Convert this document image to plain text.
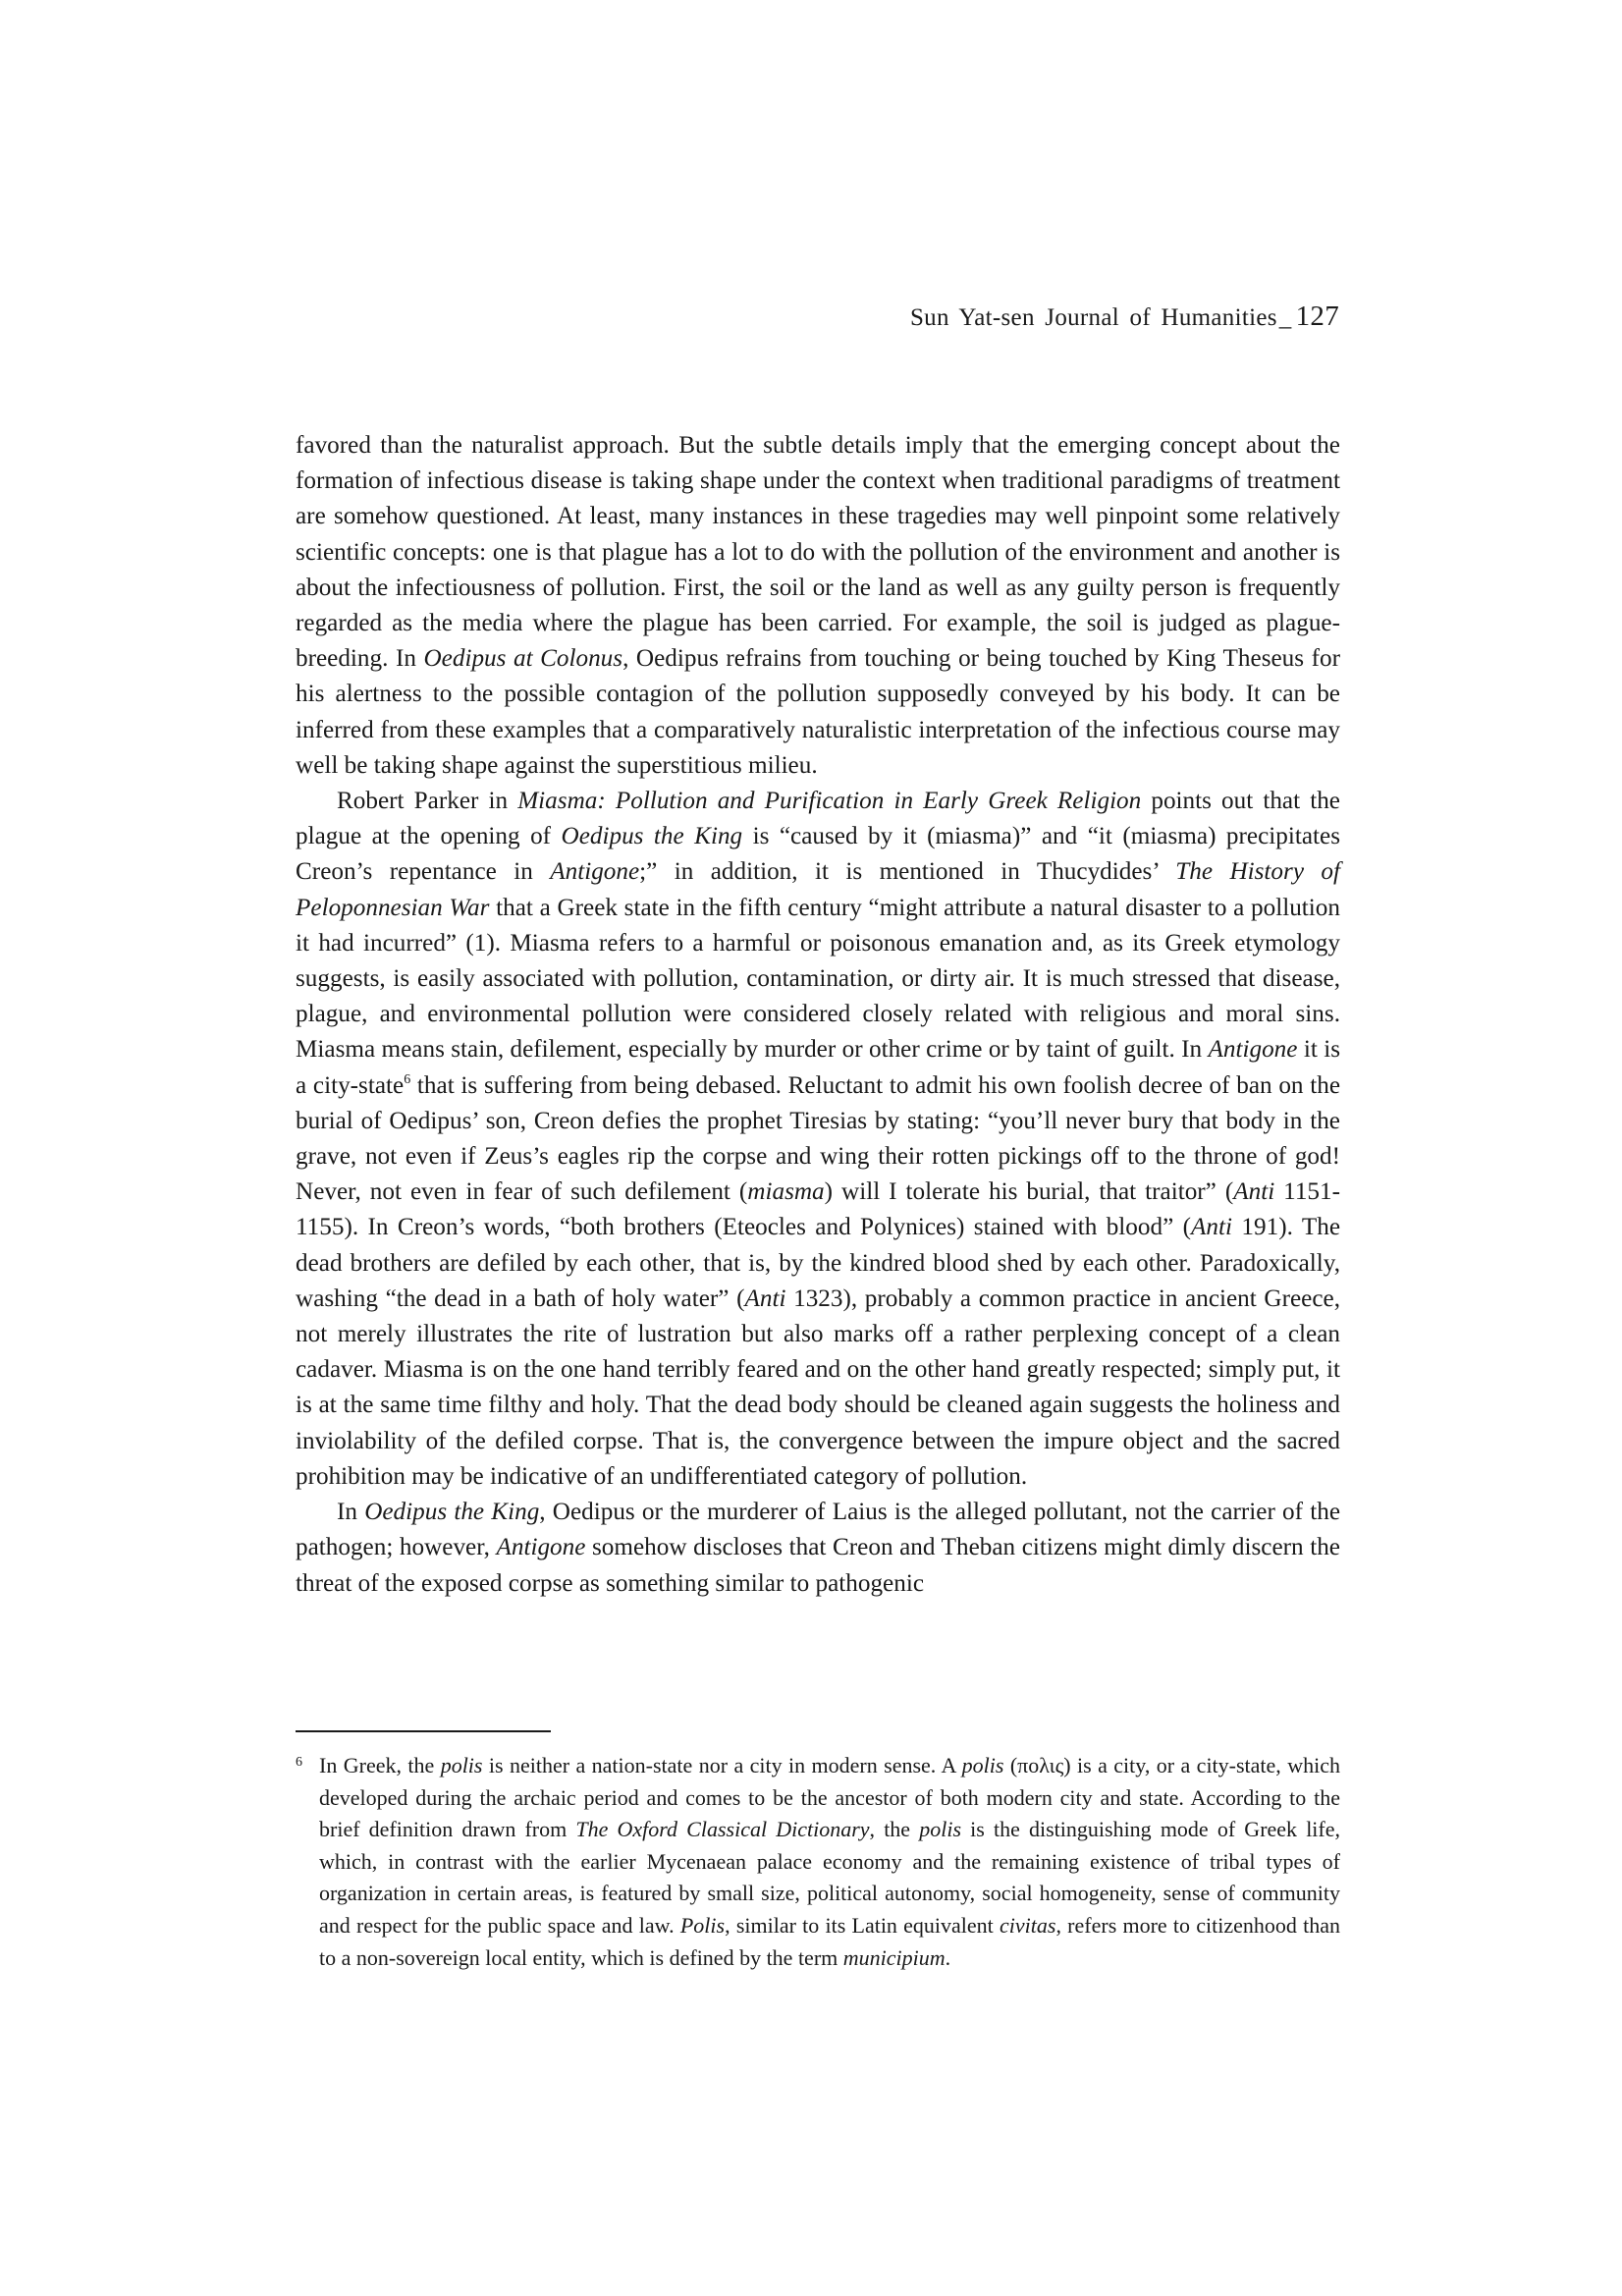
Sun Yat-sen Journal of Humanities_ 127

favored than the naturalist approach. But the subtle details imply that the emerging concept about the formation of infectious disease is taking shape under the context when traditional paradigms of treatment are somehow questioned. At least, many instances in these tragedies may well pinpoint some relatively scientific concepts: one is that plague has a lot to do with the pollution of the environment and another is about the infectiousness of pollution. First, the soil or the land as well as any guilty person is frequently regarded as the media where the plague has been carried. For example, the soil is judged as plague-breeding. In Oedipus at Colonus, Oedipus refrains from touching or being touched by King Theseus for his alertness to the possible contagion of the pollution supposedly conveyed by his body. It can be inferred from these examples that a comparatively naturalistic interpretation of the infectious course may well be taking shape against the superstitious milieu.

Robert Parker in Miasma: Pollution and Purification in Early Greek Religion points out that the plague at the opening of Oedipus the King is “caused by it (miasma)” and “it (miasma) precipitates Creon’s repentance in Antigone;” in addition, it is mentioned in Thucydides’ The History of Peloponnesian War that a Greek state in the fifth century “might attribute a natural disaster to a pollution it had incurred” (1). Miasma refers to a harmful or poisonous emanation and, as its Greek etymology suggests, is easily associated with pollution, contamination, or dirty air. It is much stressed that disease, plague, and environmental pollution were considered closely related with religious and moral sins. Miasma means stain, defilement, especially by murder or other crime or by taint of guilt. In Antigone it is a city-state$^6$ that is suffering from being debased. Reluctant to admit his own foolish decree of ban on the burial of Oedipus’ son, Creon defies the prophet Tiresias by stating: “you’ll never bury that body in the grave, not even if Zeus’s eagles rip the corpse and wing their rotten pickings off to the throne of god! Never, not even in fear of such defilement (miasma) will I tolerate his burial, that traitor” (Anti 1151-1155). In Creon’s words, “both brothers (Eteocles and Polynices) stained with blood” (Anti 191). The dead brothers are defiled by each other, that is, by the kindred blood shed by each other. Paradoxically, washing “the dead in a bath of holy water” (Anti 1323), probably a common practice in ancient Greece, not merely illustrates the rite of lustration but also marks off a rather perplexing concept of a clean cadaver. Miasma is on the one hand terribly feared and on the other hand greatly respected; simply put, it is at the same time filthy and holy. That the dead body should be cleaned again suggests the holiness and inviolability of the defiled corpse. That is, the convergence between the impure object and the sacred prohibition may be indicative of an undifferentiated category of pollution.

In Oedipus the King, Oedipus or the murderer of Laius is the alleged pollutant, not the carrier of the pathogen; however, Antigone somehow discloses that Creon and Theban citizens might dimly discern the threat of the exposed corpse as something similar to pathogenic

6 In Greek, the polis is neither a nation-state nor a city in modern sense. A polis (πολις) is a city, or a city-state, which developed during the archaic period and comes to be the ancestor of both modern city and state. According to the brief definition drawn from The Oxford Classical Dictionary, the polis is the distinguishing mode of Greek life, which, in contrast with the earlier Mycenaean palace economy and the remaining existence of tribal types of organization in certain areas, is featured by small size, political autonomy, social homogeneity, sense of community and respect for the public space and law. Polis, similar to its Latin equivalent civitas, refers more to citizenhood than to a non-sovereign local entity, which is defined by the term municipium.
